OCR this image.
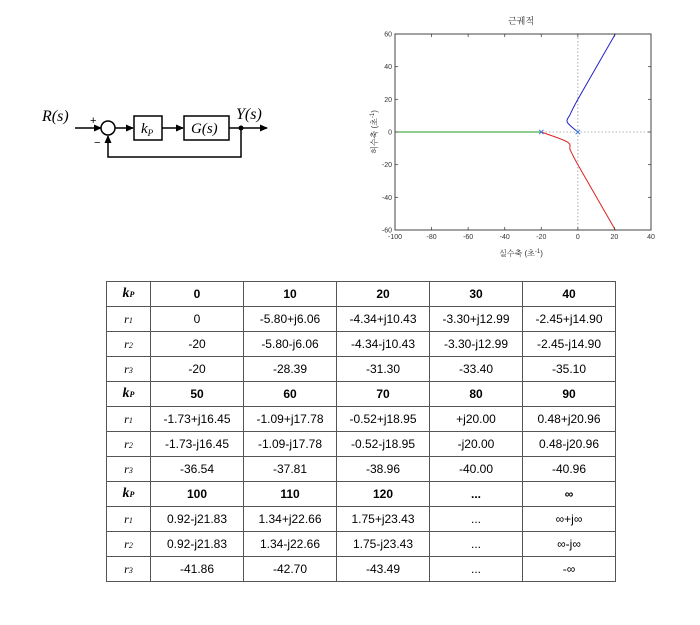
R(s) +
−
$k_P$	G(s)
Y(s)
근궤적
-100	-80	-60	-40	-20	0	20	40
-60
-40
-20
0
20
40
60
실수축 (초$^{-1}$)
허수축 (초$^{-1}$)
kP	0	10	20	30	40
r1	0	-5.80+j6.06	-4.34+j10.43	-3.30+j12.99	-2.45+j14.90
r2	-20	-5.80-j6.06	-4.34-j10.43	-3.30-j12.99	-2.45-j14.90
r3	-20	-28.39	-31.30	-33.40	-35.10
kP	50	60	70	80	90
r1	-1.73+j16.45	-1.09+j17.78	-0.52+j18.95	+j20.00	0.48+j20.96
r2	-1.73-j16.45	-1.09-j17.78	-0.52-j18.95	-j20.00	0.48-j20.96
r3	-36.54	-37.81	-38.96	-40.00	-40.96
kP	100	110	120	...	∞
r1	0.92-j21.83	1.34+j22.66	1.75+j23.43	...	∞+j∞
r2	0.92-j21.83	1.34-j22.66	1.75-j23.43	...	∞-j∞
r3	-41.86	-42.70	-43.49	...	-∞
